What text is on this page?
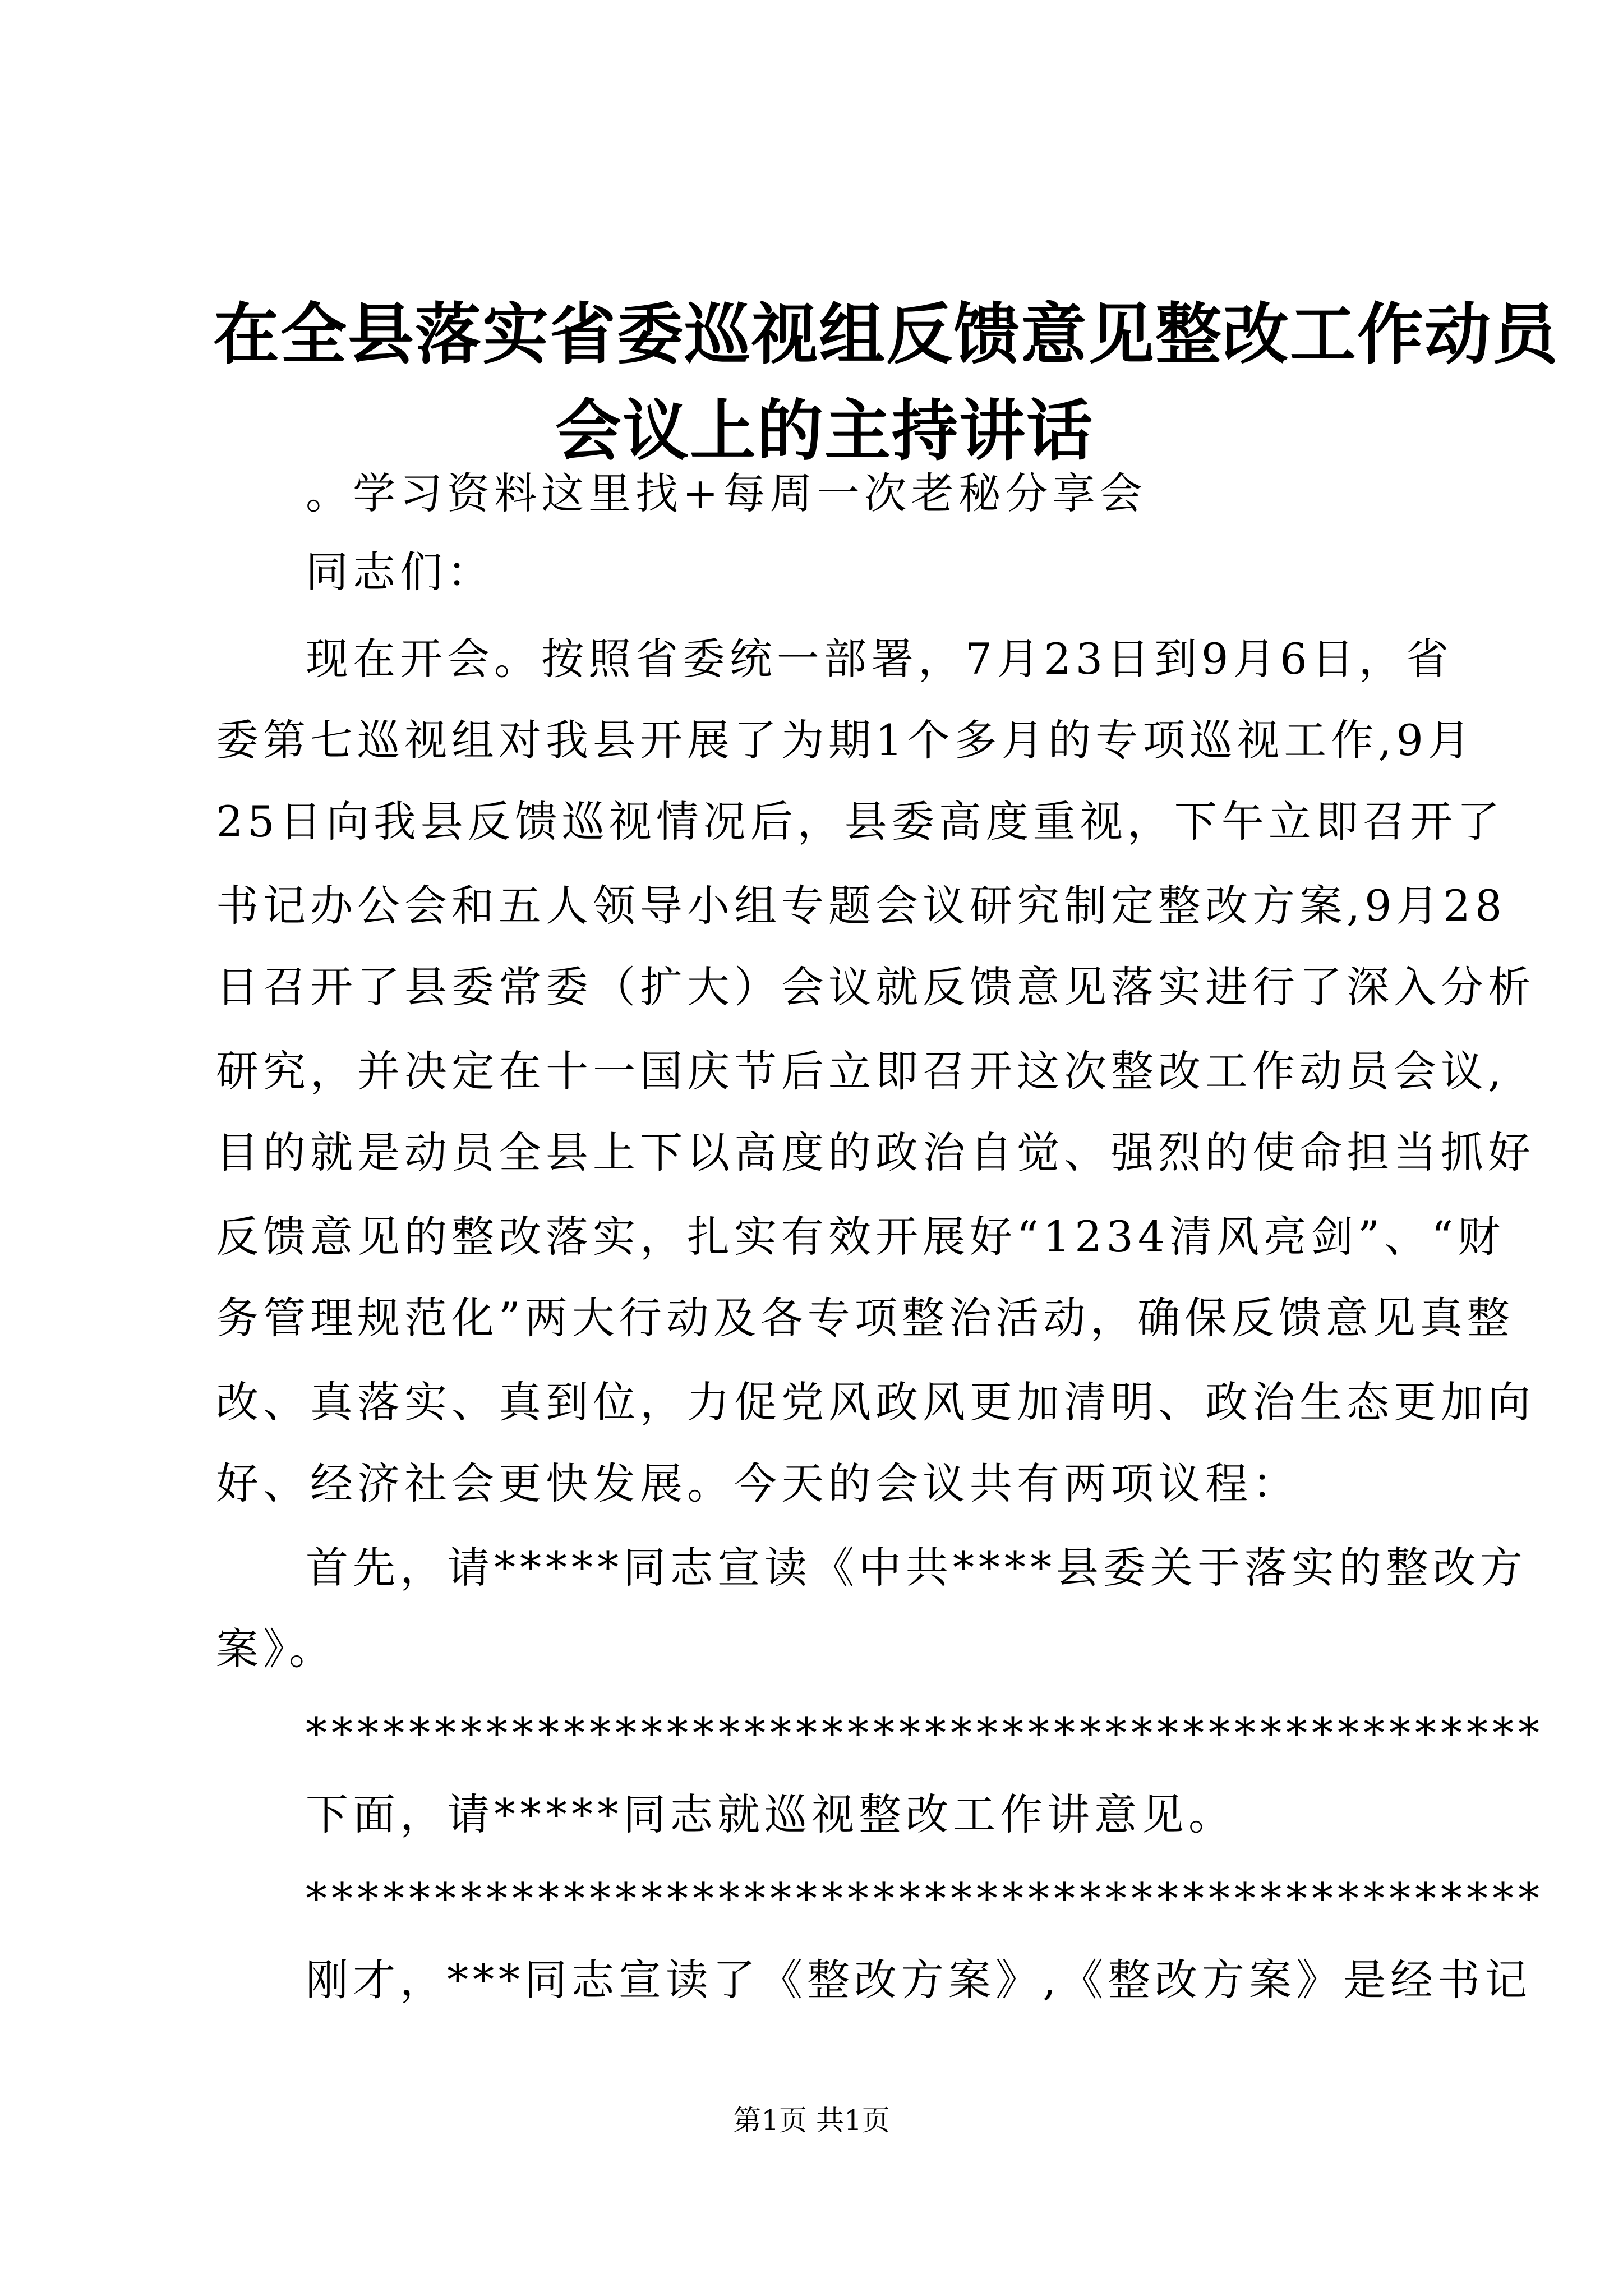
在全县落实省委巡视组反馈意见整改工作动员
会议上的主持讲话
。学习资料这里找+每周一次老秘分享会
同志们：
现在开会。按照省委统一部署，7月23日到9月6日，省
委第七巡视组对我县开展了为期1个多月的专项巡视工作,9月
25日向我县反馈巡视情况后，县委高度重视，下午立即召开了
书记办公会和五人领导小组专题会议研究制定整改方案,9月28
日召开了县委常委（扩大）会议就反馈意见落实进行了深入分析
研究，并决定在十一国庆节后立即召开这次整改工作动员会议,
目的就是动员全县上下以高度的政治自觉、强烈的使命担当抓好
反馈意见的整改落实，扎实有效开展好“1234清风亮剑”、“财
务管理规范化”两大行动及各专项整治活动，确保反馈意见真整
改、真落实、真到位，力促党风政风更加清明、政治生态更加向
好、经济社会更快发展。今天的会议共有两项议程：
首先，请*****同志宣读《中共****县委关于落实的整改方
案》。
************************************************
下面，请*****同志就巡视整改工作讲意见。
************************************************
刚才，***同志宣读了《整改方案》,《整改方案》是经书记
第1页 共1页
